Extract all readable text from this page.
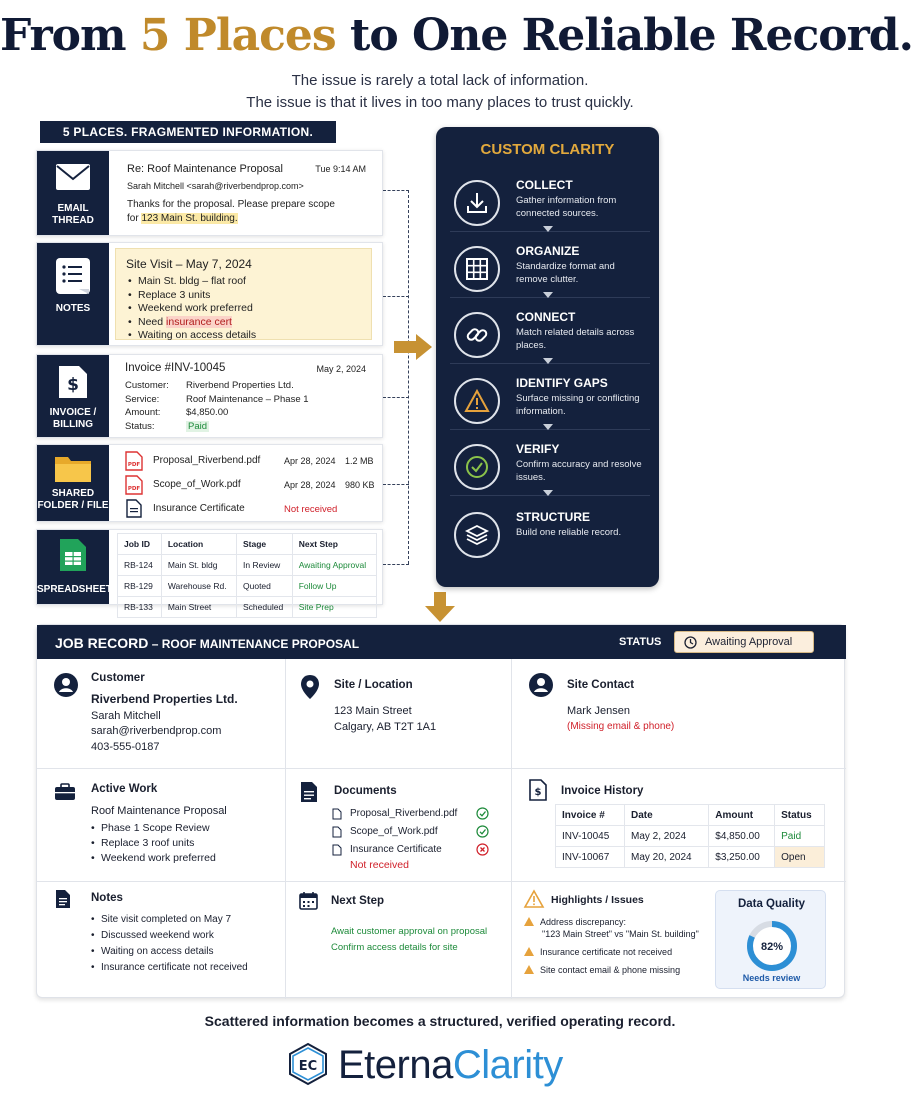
From 5 Places to One Reliable Record.
The issue is rarely a total lack of information.
The issue is that it lives in too many places to trust quickly.
5 PLACES. FRAGMENTED INFORMATION.
EMAIL
THREAD
Re: Roof Maintenance Proposal	Tue 9:14 AM
Sarah Mitchell <sarah@riverbendprop.com>
Thanks for the proposal. Please prepare scope
for 123 Main St. building.
NOTES
Site Visit – May 7, 2024
• Main St. bldg – flat roof
• Replace 3 units
• Weekend work preferred
• Need insurance cert
• Waiting on access details
$
INVOICE /
BILLING
Invoice #INV-10045	May 2, 2024
Customer: Riverbend Properties Ltd.
Service:	Roof Maintenance – Phase 1
Amount:	$4,850.00
Status:	Paid
SHARED
FOLDER / FILE
PDF Proposal_Riverbend.pdf	Apr 28, 2024 1.2 MB
PDF Scope_of_Work.pdf	Apr 28, 2024 980 KB
Insurance Certificate	Not received
SPREADSHEET
Job ID	Location	Stage	Next Step
RB-124	Main St. bldg	In Review	Awaiting Approval
RB-129	Warehouse Rd.	Quoted	Follow Up
RB-133	Main Street	Scheduled	Site Prep
CUSTOM CLARITY
COLLECT
Gather information from connected sources.
ORGANIZE
Standardize format and remove clutter.
CONNECT
Match related details across places.
IDENTIFY GAPS
Surface missing or conflicting information.
VERIFY
Confirm accuracy and resolve issues.
STRUCTURE
Build one reliable record.
JOB RECORD – ROOF MAINTENANCE PROPOSAL	STATUS	Awaiting Approval
Customer
Riverbend Properties Ltd.
Sarah Mitchell
sarah@riverbendprop.com
403-555-0187
Site / Location
123 Main Street
Calgary, AB T2T 1A1
Site Contact
Mark Jensen
(Missing email & phone)
Active Work
Roof Maintenance Proposal
• Phase 1 Scope Review
• Replace 3 roof units
• Weekend work preferred
Documents
Proposal_Riverbend.pdf
Scope_of_Work.pdf
Insurance Certificate
Not received
$ Invoice History
Invoice #	Date	Amount	Status
INV-10045	May 2, 2024	$4,850.00	Paid
INV-10067	May 20, 2024	$3,250.00	Open
Notes
• Site visit completed on May 7
• Discussed weekend work
• Waiting on access details
• Insurance certificate not received
Next Step
Await customer approval on proposal
Confirm access details for site
Highlights / Issues
Address discrepancy:
"123 Main Street" vs "Main St. building"
Insurance certificate not received
Site contact email & phone missing
Data Quality
82%
Needs review
Scattered information becomes a structured, verified operating record.
EC EternaClarity
